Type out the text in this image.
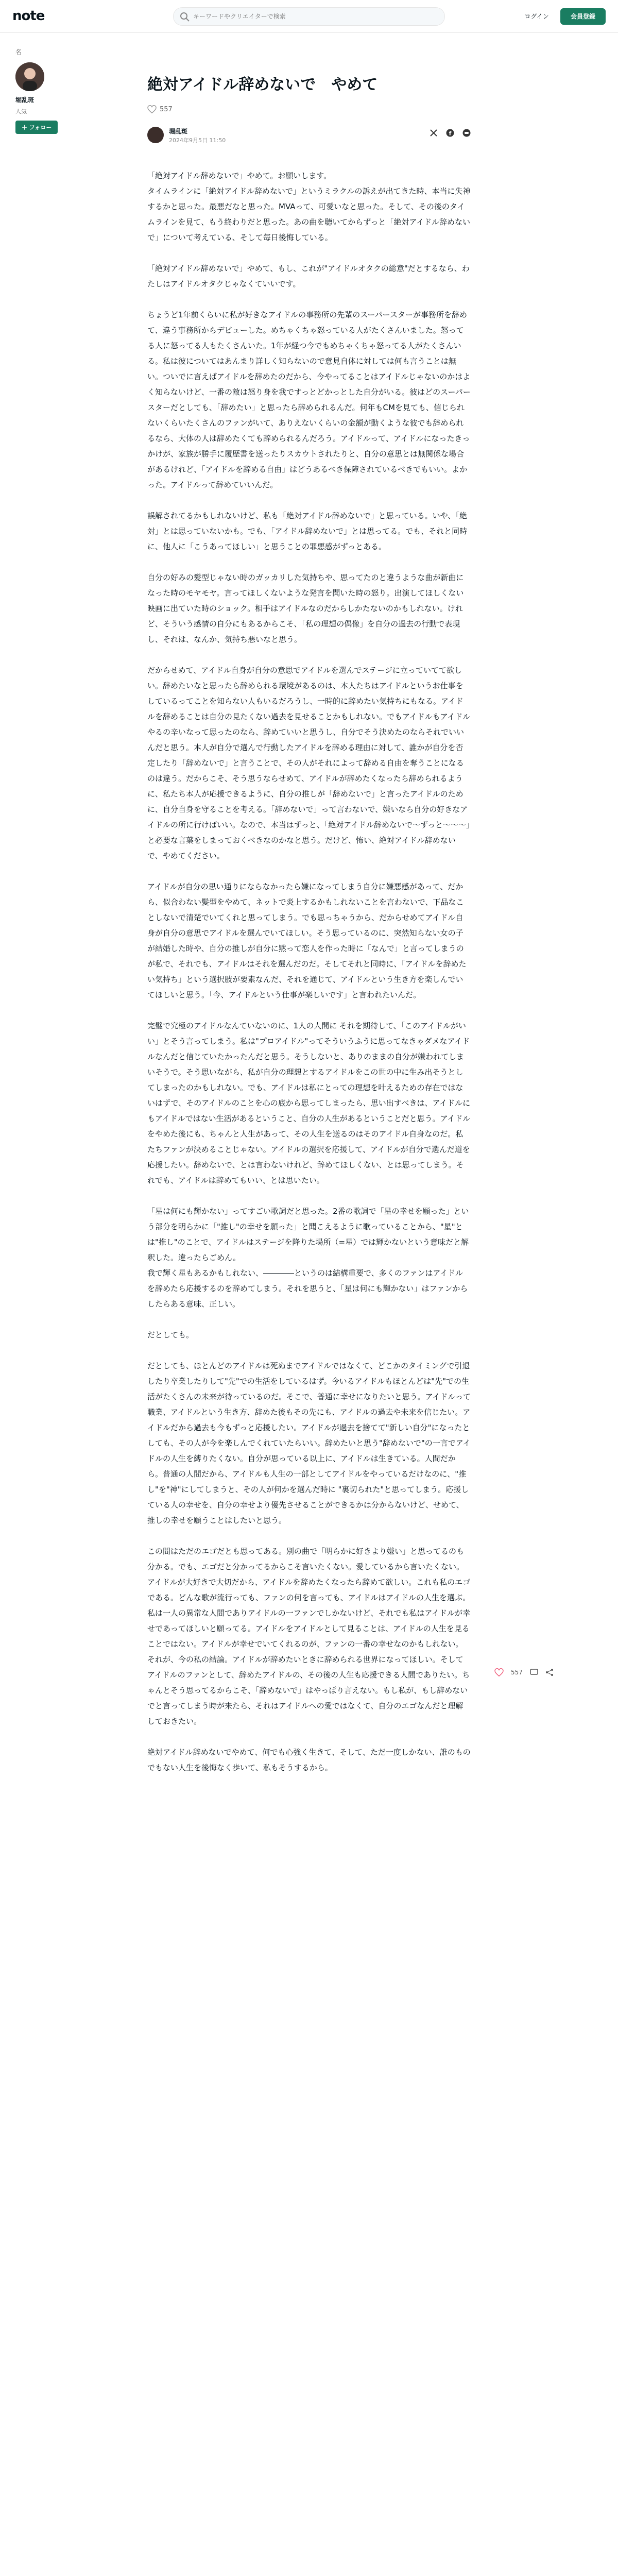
note
キーワードやクリエイターで検索	ログイン	会員登録
名
堀乱斑
人気
＋ フォロー
絶対アイドル辞めないで　やめて
557
堀乱斑
2024年9月5日 11:50
f

「絶対アイドル辞めないで」やめて。お願いします。
タイムラインに「絶対アイドル辞めないで」というミラクルの訴えが出てきた時、本当に失神するかと思った。最悪だなと思った。MVAって、可愛いなと思った。そして、その後のタイムラインを見て、もう終わりだと思った。あの曲を聴いてからずっと「絶対アイドル辞めないで」について考えている、そして毎日後悔している。

「絶対アイドル辞めないで」やめて、もし、これが"アイドルオタクの総意"だとするなら、わたしはアイドルオタクじゃなくていいです。

ちょうど1年前くらいに私が好きなアイドルの事務所の先輩のスーパースターが事務所を辞めて、違う事務所からデビューした。めちゃくちゃ怒っている人がたくさんいました。怒ってる人に怒ってる人もたくさんいた。1年が経つ今でもめちゃくちゃ怒ってる人がたくさんいる。私は彼についてはあんまり詳しく知らないので意見自体に対しては何も言うことは無い。ついでに言えばアイドルを辞めたのだから、今やってることはアイドルじゃないのかはよく知らないけど、一番の敵は怒り身を我ですっとどかっとした自分がいる。彼はどのスーパースターだとしても、「辞めたい」と思ったら辞められるんだ。何年もCMを見ても、信じられないくらいたくさんのファンがいて、ありえないくらいの金額が動くような彼でも辞められるなら、大体の人は辞めたくても辞められるんだろう。アイドルって、アイドルになったきっかけが、家族が勝手に履歴書を送ったりスカウトされたりと、自分の意思とは無関係な場合があるけれど、「アイドルを辞める自由」はどうあるべき保障されているべきでもいい。よかった。アイドルって辞めていいんだ。

誤解されてるかもしれないけど、私も「絶対アイドル辞めないで」と思っている。いや、「絶対」とは思っていないかも。でも、「アイドル辞めないで」とは思ってる。でも、それと同時に、他人に「こうあってほしい」と思うことの罪悪感がずっとある。

自分の好みの髪型じゃない時のガッカリした気持ちや、思ってたのと違うような曲が新曲になった時のモヤモヤ。言ってほしくないような発言を聞いた時の怒り。出演してほしくない映画に出ていた時のショック。相手はアイドルなのだからしかたないのかもしれない。けれど、そういう感情の自分にもあるからこそ、「私の理想の偶像」を自分の過去の行動で表現し、それは、なんか、気持ち悪いなと思う。

だからせめて、アイドル自身が自分の意思でアイドルを選んでステージに立っていてて欲しい。辞めたいなと思ったら辞められる環境があるのは、本人たちはアイドルというお仕事をしているってことを知らない人もいるだろうし、一時的に辞めたい気持ちにもなる。アイドルを辞めることは自分の見たくない過去を見せることかもしれない。でもアイドルもアイドルやるの辛いなって思ったのなら、辞めていいと思うし、自分でそう決めたのならそれでいいんだと思う。本人が自分で選んで行動したアイドルを辞める理由に対して、誰かが自分を否定したり「辞めないで」と言うことで、その人がそれによって辞める自由を奪うことになるのは違う。だからこそ、そう思うならせめて、アイドルが辞めたくなったら辞められるように、私たち本人が応援できるように、自分の推しが「辞めないで」と言ったアイドルのために、自分自身を守ることを考える。「辞めないで」って言わないで、嫌いなら自分の好きなアイドルの所に行けばいい。なので、本当はずっと、「絶対アイドル辞めないで〜ずっと〜〜〜」と必要な言葉をしまっておくべきなのかなと思う。だけど、怖い、絶対アイドル辞めないで、やめてください。

アイドルが自分の思い通りにならなかったら嫌になってしまう自分に嫌悪感があって、だから、似合わない髪型をやめて、ネットで炎上するかもしれないことを言わないで、下品なことしないで清楚でいてくれと思ってしまう。でも思っちゃうから、だからせめてアイドル自身が自分の意思でアイドルを選んでいてほしい。そう思っているのに、突然知らない女の子が結婚した時や、自分の推しが自分に黙って恋人を作った時に「なんで」と言ってしまうのが私で、それでも、アイドルはそれを選んだのだ。そしてそれと同時に、「アイドルを辞めたい気持ち」という選択肢が要素なんだ、それを通じて、アイドルという生き方を楽しんでいてほしいと思う。「今、アイドルという仕事が楽しいです」と言われたいんだ。

完璧で究極のアイドルなんていないのに、1人の人間に それを期待して、「このアイドルがいい」とそう言ってしまう。私は"プロアイドル"ってそういうふうに思ってなきゃダメなアイドルなんだと信じていたかったんだと思う。そうしないと、ありのままの自分が嫌われてしまいそうで。そう思いながら、私が自分の理想とするアイドルをこの世の中に生み出そうとしてしまったのかもしれない。でも、アイドルは私にとっての理想を叶えるための存在ではないはずで、そのアイドルのことを心の底から思ってしまったら、思い出すべきは、アイドルにもアイドルではない生活があるということ、自分の人生があるということだと思う。アイドルをやめた後にも、ちゃんと人生があって、その人生を送るのはそのアイドル自身なのだ。私たちファンが決めることじゃない。アイドルの選択を応援して、アイドルが自分で選んだ道を応援したい。辞めないで、とは言わないけれど、辞めてほしくない、とは思ってしまう。それでも、アイドルは辞めてもいい、とは思いたい。

「星は何にも輝かない」ってすごい歌詞だと思った。2番の歌詞で「星の幸せを願った」という部分を明らかに「"推し"の幸せを願った」と聞こえるように歌っていることから、"星"とは"推し"のことで、アイドルはステージを降りた場所（=星）では輝かないという意味だと解釈した。違ったらごめん。
我で輝く星もあるかもしれない、――――というのは結構重要で、多くのファンはアイドルを辞めたら応援するのを辞めてしまう。それを思うと、「星は何にも輝かない」はファンからしたらある意味、正しい。

だとしても。

だとしても、ほとんどのアイドルは死ぬまでアイドルではなくて、どこかのタイミングで引退したり卒業したりして"先"での生活をしているはず。今いるアイドルもほとんどは"先"での生活がたくさんの未来が待っているのだ。そこで、普通に幸せになりたいと思う。アイドルって職業、アイドルという生き方、辞めた後もその先にも、アイドルの過去や未来を信じたい。アイドルだから過去も今もずっと応援したい。アイドルが過去を捨てて"新しい自分"になったとしても、その人が今を楽しんでくれていたらいい。辞めたいと思う"辞めないで"の一言でアイドルの人生を縛りたくない。自分が思っている以上に、アイドルは生きている。人間だから。普通の人間だから、アイドルも人生の一部としてアイドルをやっているだけなのに、"推し"を"神"にしてしまうと、その人が何かを選んだ時に "裏切られた"と思ってしまう。応援している人の幸せを、自分の幸せより優先させることができるかは分からないけど、せめて、推しの幸せを願うことはしたいと思う。

この間はただのエゴだとも思ってある。別の曲で「明らかに好きより嫌い」と思ってるのも分かる。でも、エゴだと分かってるからこそ言いたくない。愛しているから言いたくない。アイドルが大好きで大切だから、アイドルを辞めたくなったら辞めて欲しい。これも私のエゴである。どんな歌が流行っても、ファンの何を言っても、アイドルはアイドルの人生を選ぶ。私は一人の異常な人間でありアイドルの一ファンでしかないけど、それでも私はアイドルが幸せであってほしいと願ってる。アイドルをアイドルとして見ることは、アイドルの人生を見ることではない。アイドルが幸せでいてくれるのが、ファンの一番の幸せなのかもしれない。それが、今の私の結論。アイドルが辞めたいときに辞められる世界になってほしい。そしてアイドルのファンとして、辞めたアイドルの、その後の人生も応援できる人間でありたい。ちゃんとそう思ってるからこそ、「辞めないで」はやっぱり言えない。もし私が、もし辞めないでと言ってしまう時が来たら、それはアイドルへの愛ではなくて、自分のエゴなんだと理解しておきたい。

絶対アイドル辞めないでやめて、何でも心強く生きて、そして、ただ一度しかない、誰のものでもない人生を後悔なく歩いて、私もそうするから。

557
